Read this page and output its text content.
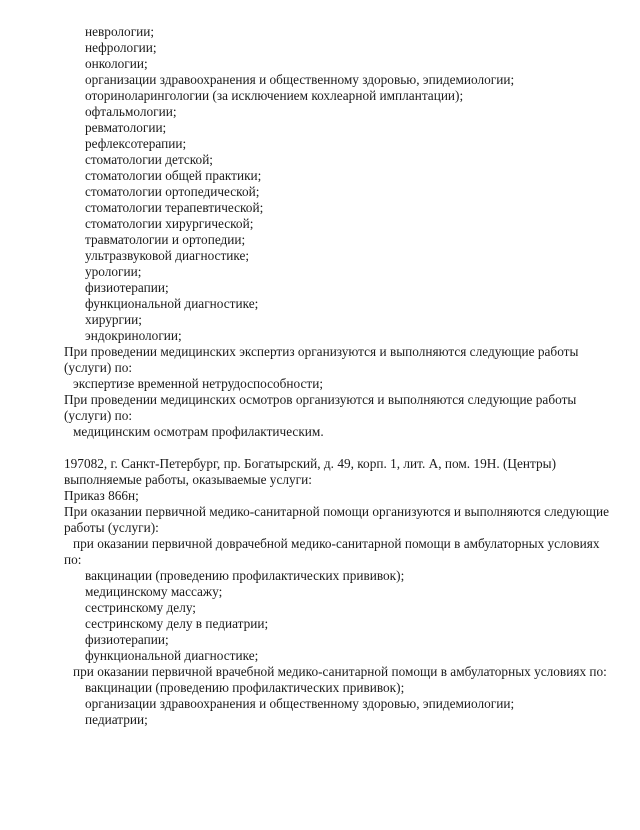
неврологии;
нефрологии;
онкологии;
организации здравоохранения и общественному здоровью, эпидемиологии;
оториноларингологии (за исключением кохлеарной имплантации);
офтальмологии;
ревматологии;
рефлексотерапии;
стоматологии детской;
стоматологии общей практики;
стоматологии ортопедической;
стоматологии терапевтической;
стоматологии хирургической;
травматологии и ортопедии;
ультразвуковой диагностике;
урологии;
физиотерапии;
функциональной диагностике;
хирургии;
эндокринологии;
При проведении медицинских экспертиз организуются и выполняются следующие работы
(услуги) по:
экспертизе временной нетрудоспособности;
При проведении медицинских осмотров организуются и выполняются следующие работы
(услуги) по:
медицинским осмотрам профилактическим.
197082, г. Санкт-Петербург, пр. Богатырский, д. 49, корп. 1, лит. А, пом. 19Н. (Центры)
выполняемые работы, оказываемые услуги:
Приказ 866н;
При оказании первичной медико-санитарной помощи организуются и выполняются следующие
работы (услуги):
при оказании первичной доврачебной медико-санитарной помощи в амбулаторных условиях
по:
вакцинации (проведению профилактических прививок);
медицинскому массажу;
сестринскому делу;
сестринскому делу в педиатрии;
физиотерапии;
функциональной диагностике;
при оказании первичной врачебной медико-санитарной помощи в амбулаторных условиях по:
вакцинации (проведению профилактических прививок);
организации здравоохранения и общественному здоровью, эпидемиологии;
педиатрии;
